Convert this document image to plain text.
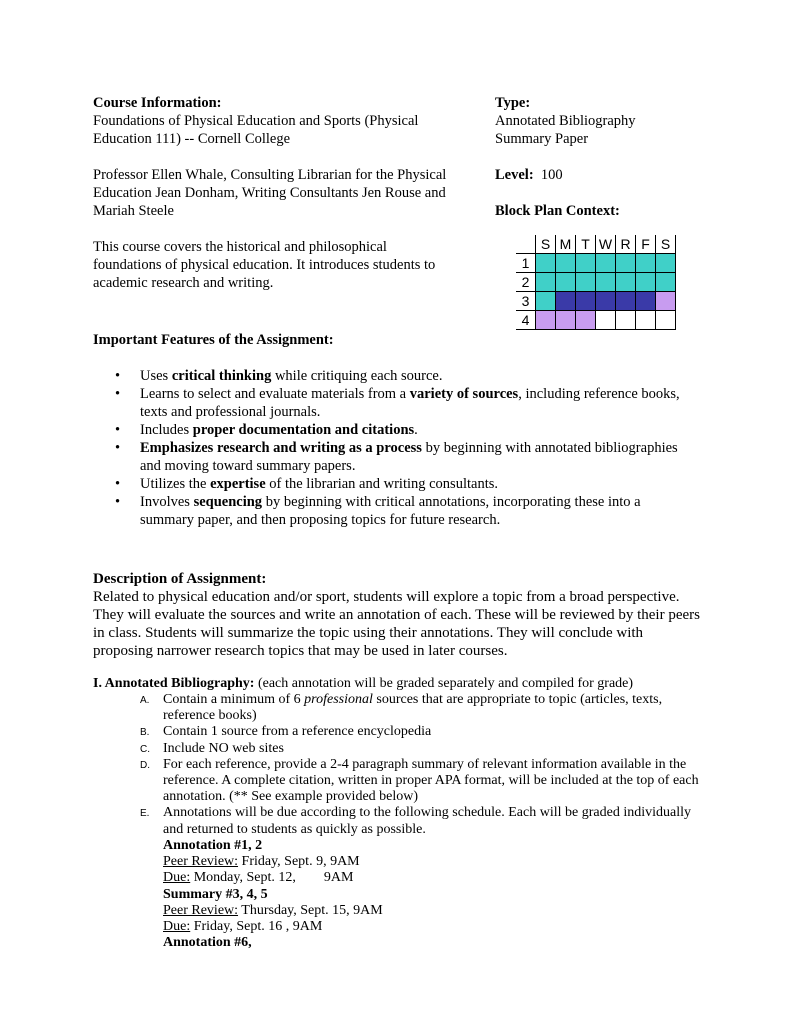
Course Information:

Foundations of Physical Education and Sports (Physical

Education 111) -- Cornell College

Professor Ellen Whale, Consulting Librarian for the Physical

Education Jean Donham, Writing Consultants Jen Rouse and

Mariah Steele

This course covers the historical and philosophical

foundations of physical education. It introduces students to

academic research and writing.

Type:

Annotated Bibliography

Summary Paper

Level: 100

Block Plan Context:

	S	M	T	W	R	F	S
1							
2							
3							
4							
Important Features of the Assignment:
• Uses critical thinking while critiquing each source.
• Learns to select and evaluate materials from a variety of sources, including reference books, texts and professional journals.
• Includes proper documentation and citations.
• Emphasizes research and writing as a process by beginning with annotated bibliographies and moving toward summary papers.
• Utilizes the expertise of the librarian and writing consultants.
• Involves sequencing by beginning with critical annotations, incorporating these into a summary paper, and then proposing topics for future research.

Description of Assignment:

Related to physical education and/or sport, students will explore a topic from a broad perspective. They will evaluate the sources and write an annotation of each. These will be reviewed by their peers in class. Students will summarize the topic using their annotations. They will conclude with proposing narrower research topics that may be used in later courses.

I. Annotated Bibliography: (each annotation will be graded separately and compiled for grade)
A. Contain a minimum of 6 professional sources that are appropriate to topic (articles, texts, reference books)
B. Contain 1 source from a reference encyclopedia
C. Include NO web sites
D. For each reference, provide a 2-4 paragraph summary of relevant information available in the reference. A complete citation, written in proper APA format, will be included at the top of each annotation. (** See example provided below)
E. Annotations will be due according to the following schedule. Each will be graded individually and returned to students as quickly as possible.
Annotation #1, 2
Peer Review: Friday, Sept. 9, 9AM
Due: Monday, Sept. 12,        9AM
Summary #3, 4, 5
Peer Review: Thursday, Sept. 15, 9AM
Due: Friday, Sept. 16 , 9AM
Annotation #6,
